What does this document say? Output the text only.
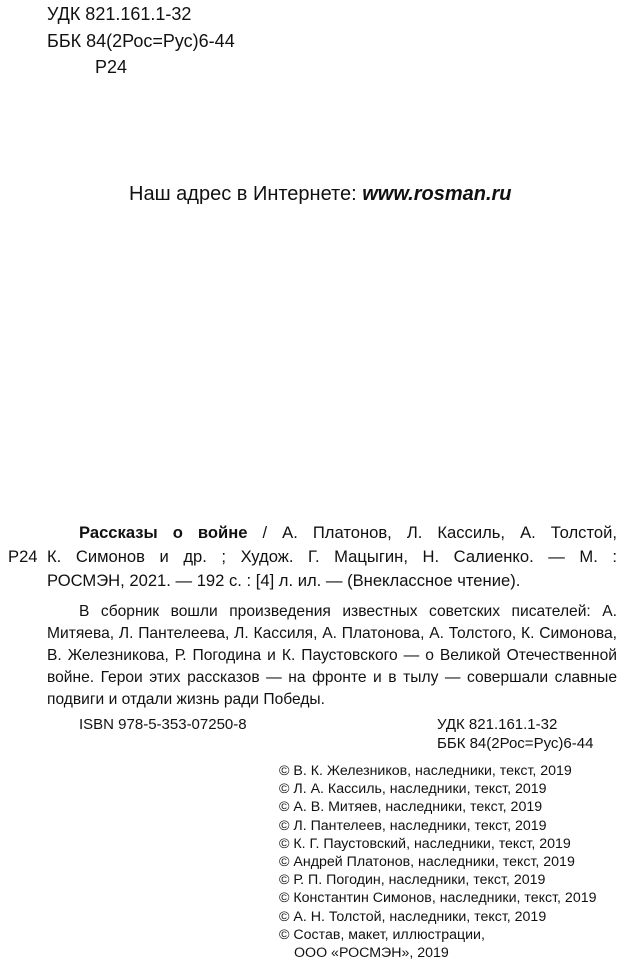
УДК 821.161.1-32
ББК 84(2Рос=Рус)6-44
Р24
Наш адрес в Интернете: www.rosman.ru
Р24
Рассказы о войне / А. Платонов, Л. Кассиль, А. Толстой,
К. Симонов и др. ; Худож. Г. Мацыгин, Н. Салиенко. — М. :
РОСМЭН, 2021. — 192 с. : [4] л. ил. — (Внеклассное чтение).
В сборник вошли произведения известных советских писателей: А. Митяева, Л. Пантелеева, Л. Кассиля, А. Платонова, А. Толстого, К. Симонова, В. Железникова, Р. Погодина и К. Паустовского — о Великой Отечественной войне. Герои этих рассказов — на фронте и в тылу — совершали славные подвиги и отдали жизнь ради Победы.
ISBN 978-5-353-07250-8	УДК 821.161.1-32
ББК 84(2Рос=Рус)6-44
© В. К. Железников, наследники, текст, 2019
© Л. А. Кассиль, наследники, текст, 2019
© А. В. Митяев, наследники, текст, 2019
© Л. Пантелеев, наследники, текст, 2019
© К. Г. Паустовский, наследники, текст, 2019
© Андрей Платонов, наследники, текст, 2019
© Р. П. Погодин, наследники, текст, 2019
© Константин Симонов, наследники, текст, 2019
© А. Н. Толстой, наследники, текст, 2019
© Состав, макет, иллюстрации,
ООО «РОСМЭН», 2019
